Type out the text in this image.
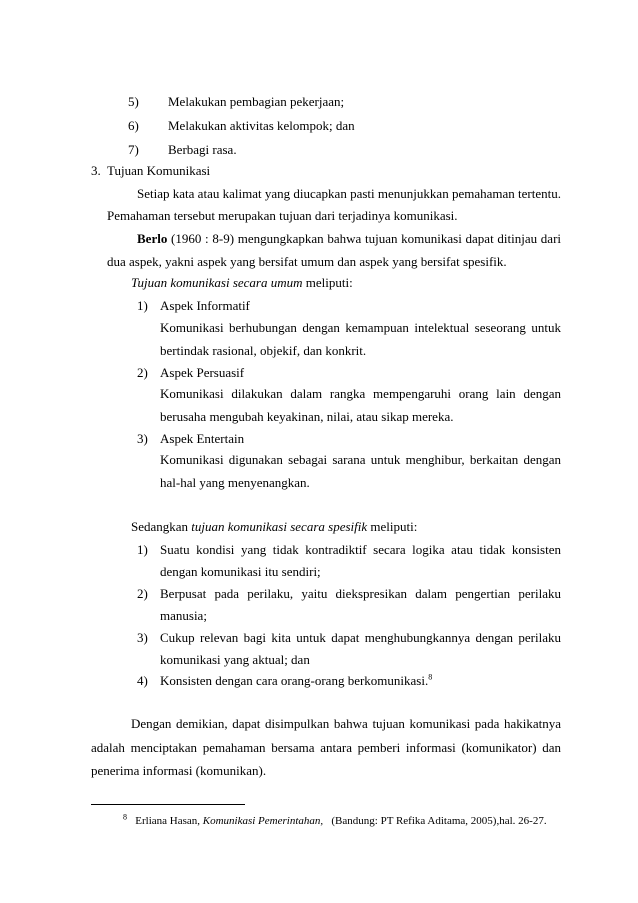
5) Melakukan pembagian pekerjaan;
6) Melakukan aktivitas kelompok; dan
7) Berbagi rasa.
3. Tujuan Komunikasi
Setiap kata atau kalimat yang diucapkan pasti menunjukkan pemahaman tertentu.
Pemahaman tersebut merupakan tujuan dari terjadinya komunikasi.
Berlo (1960 : 8-9) mengungkapkan bahwa tujuan komunikasi dapat ditinjau dari
dua aspek, yakni aspek yang bersifat umum dan aspek yang bersifat spesifik.
Tujuan komunikasi secara umum meliputi:
1) Aspek Informatif
Komunikasi berhubungan dengan kemampuan intelektual seseorang untuk
bertindak rasional, objekif, dan konkrit.
2) Aspek Persuasif
Komunikasi dilakukan dalam rangka mempengaruhi orang lain dengan
berusaha mengubah keyakinan, nilai, atau sikap mereka.
3) Aspek Entertain
Komunikasi digunakan sebagai sarana untuk menghibur, berkaitan dengan
hal-hal yang menyenangkan.
Sedangkan tujuan komunikasi secara spesifik meliputi:
1) Suatu kondisi yang tidak kontradiktif secara logika atau tidak konsisten
dengan komunikasi itu sendiri;
2) Berpusat pada perilaku, yaitu diekspresikan dalam pengertian perilaku
manusia;
3) Cukup relevan bagi kita untuk dapat menghubungkannya dengan perilaku
komunikasi yang aktual; dan
4) Konsisten dengan cara orang-orang berkomunikasi.$^8$
Dengan demikian, dapat disimpulkan bahwa tujuan komunikasi pada hakikatnya
adalah menciptakan pemahaman bersama antara pemberi informasi (komunikator) dan
penerima informasi (komunikan).
$^8$ Erliana Hasan, Komunikasi Pemerintahan, (Bandung: PT Refika Aditama, 2005),hal. 26-27.
